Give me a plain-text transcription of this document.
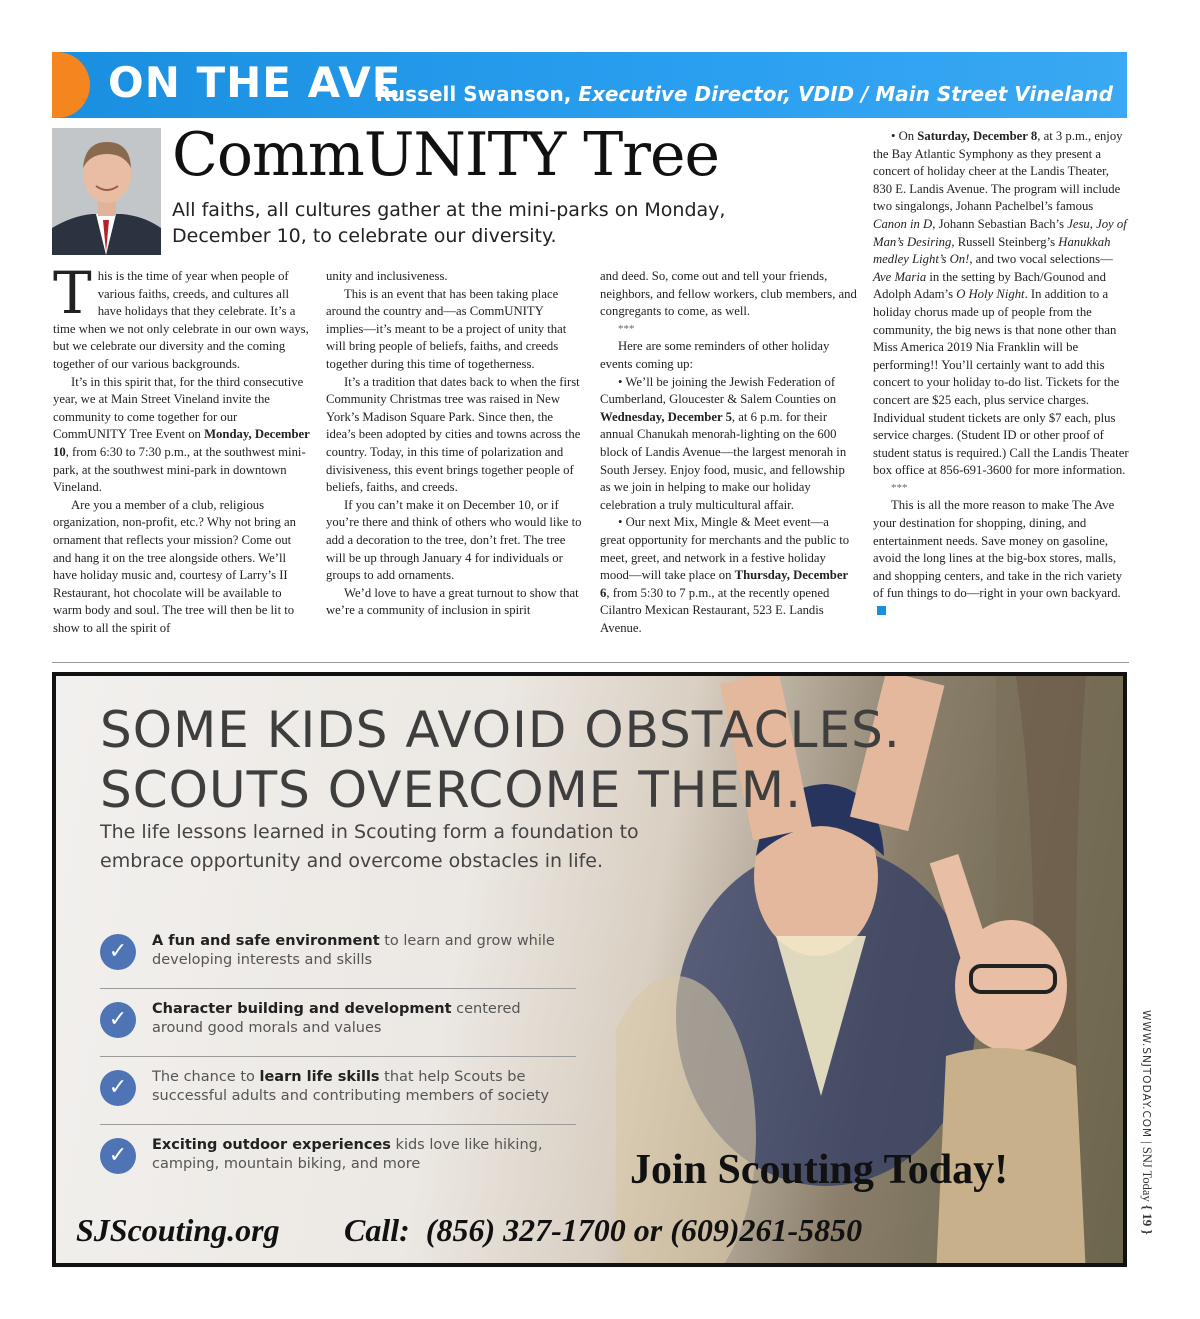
ON THE AVE
Russell Swanson, Executive Director, VDID / Main Street Vineland
CommUNITY Tree
All faiths, all cultures gather at the mini-parks on Monday, December 10, to celebrate our diversity.

This is the time of year when people of various faiths, creeds, and cultures all have holidays that they celebrate. It’s a time when we not only celebrate in our own ways, but we celebrate our diversity and the coming together of our various backgrounds.

It’s in this spirit that, for the third consecutive year, we at Main Street Vineland invite the community to come together for our CommUNITY Tree Event on Monday, December 10, from 6:30 to 7:30 p.m., at the southwest mini-park, at the southwest mini-park in downtown Vineland.

Are you a member of a club, religious organization, non-profit, etc.? Why not bring an ornament that reflects your mission? Come out and hang it on the tree alongside others. We’ll have holiday music and, courtesy of Larry’s II Restaurant, hot chocolate will be available to warm body and soul. The tree will then be lit to show to all the spirit of

unity and inclusiveness.

This is an event that has been taking place around the country and—as CommUNITY implies—it’s meant to be a project of unity that will bring people of beliefs, faiths, and creeds together during this time of togetherness.

It’s a tradition that dates back to when the first Community Christmas tree was raised in New York’s Madison Square Park. Since then, the idea’s been adopted by cities and towns across the country. Today, in this time of polarization and divisiveness, this event brings together people of beliefs, faiths, and creeds.

If you can’t make it on December 10, or if you’re there and think of others who would like to add a decoration to the tree, don’t fret. The tree will be up through January 4 for individuals or groups to add ornaments.

We’d love to have a great turnout to show that we’re a community of inclusion in spirit

and deed. So, come out and tell your friends, neighbors, and fellow workers, club members, and congregants to come, as well.

***

Here are some reminders of other holiday events coming up:

• We’ll be joining the Jewish Federation of Cumberland, Gloucester & Salem Counties on Wednesday, December 5, at 6 p.m. for their annual Chanukah menorah-lighting on the 600 block of Landis Avenue—the largest menorah in South Jersey. Enjoy food, music, and fellowship as we join in helping to make our holiday celebration a truly multicultural affair.

• Our next Mix, Mingle & Meet event—a great opportunity for merchants and the public to meet, greet, and network in a festive holiday mood—will take place on Thursday, December 6, from 5:30 to 7 p.m., at the recently opened Cilantro Mexican Restaurant, 523 E. Landis Avenue.

• On Saturday, December 8, at 3 p.m., enjoy the Bay Atlantic Symphony as they present a concert of holiday cheer at the Landis Theater, 830 E. Landis Avenue. The program will include two singalongs, Johann Pachelbel’s famous Canon in D, Johann Sebastian Bach’s Jesu, Joy of Man’s Desiring, Russell Steinberg’s Hanukkah medley Light’s On!, and two vocal selections—Ave Maria in the setting by Bach/Gounod and Adolph Adam’s O Holy Night. In addition to a holiday chorus made up of people from the community, the big news is that none other than Miss America 2019 Nia Franklin will be performing!! You’ll certainly want to add this concert to your holiday to-do list. Tickets for the concert are $25 each, plus service charges. Individual student tickets are only $7 each, plus service charges. (Student ID or other proof of student status is required.) Call the Landis Theater box office at 856-691-3600 for more information.

***

This is all the more reason to make The Ave your destination for shopping, dining, and entertainment needs. Save money on gasoline, avoid the long lines at the big-box stores, malls, and shopping centers, and take in the rich variety of fun things to do—right in your own backyard.

SOME KIDS AVOID OBSTACLES.
SCOUTS OVERCOME THEM.
The life lessons learned in Scouting form a foundation to embrace opportunity and overcome obstacles in life.
✓	A fun and safe environment to learn and grow while developing interests and skills
✓	Character building and development centered around good morals and values
✓	The chance to learn life skills that help Scouts be successful adults and contributing members of society
✓	Exciting outdoor experiences kids love like hiking, camping, mountain biking, and more	Join Scouting Today!
SJScouting.org Call:  (856) 327-1700 or (609)261-5850
WWW.SNJTODAY.COM | SNJ Today { 19 }
